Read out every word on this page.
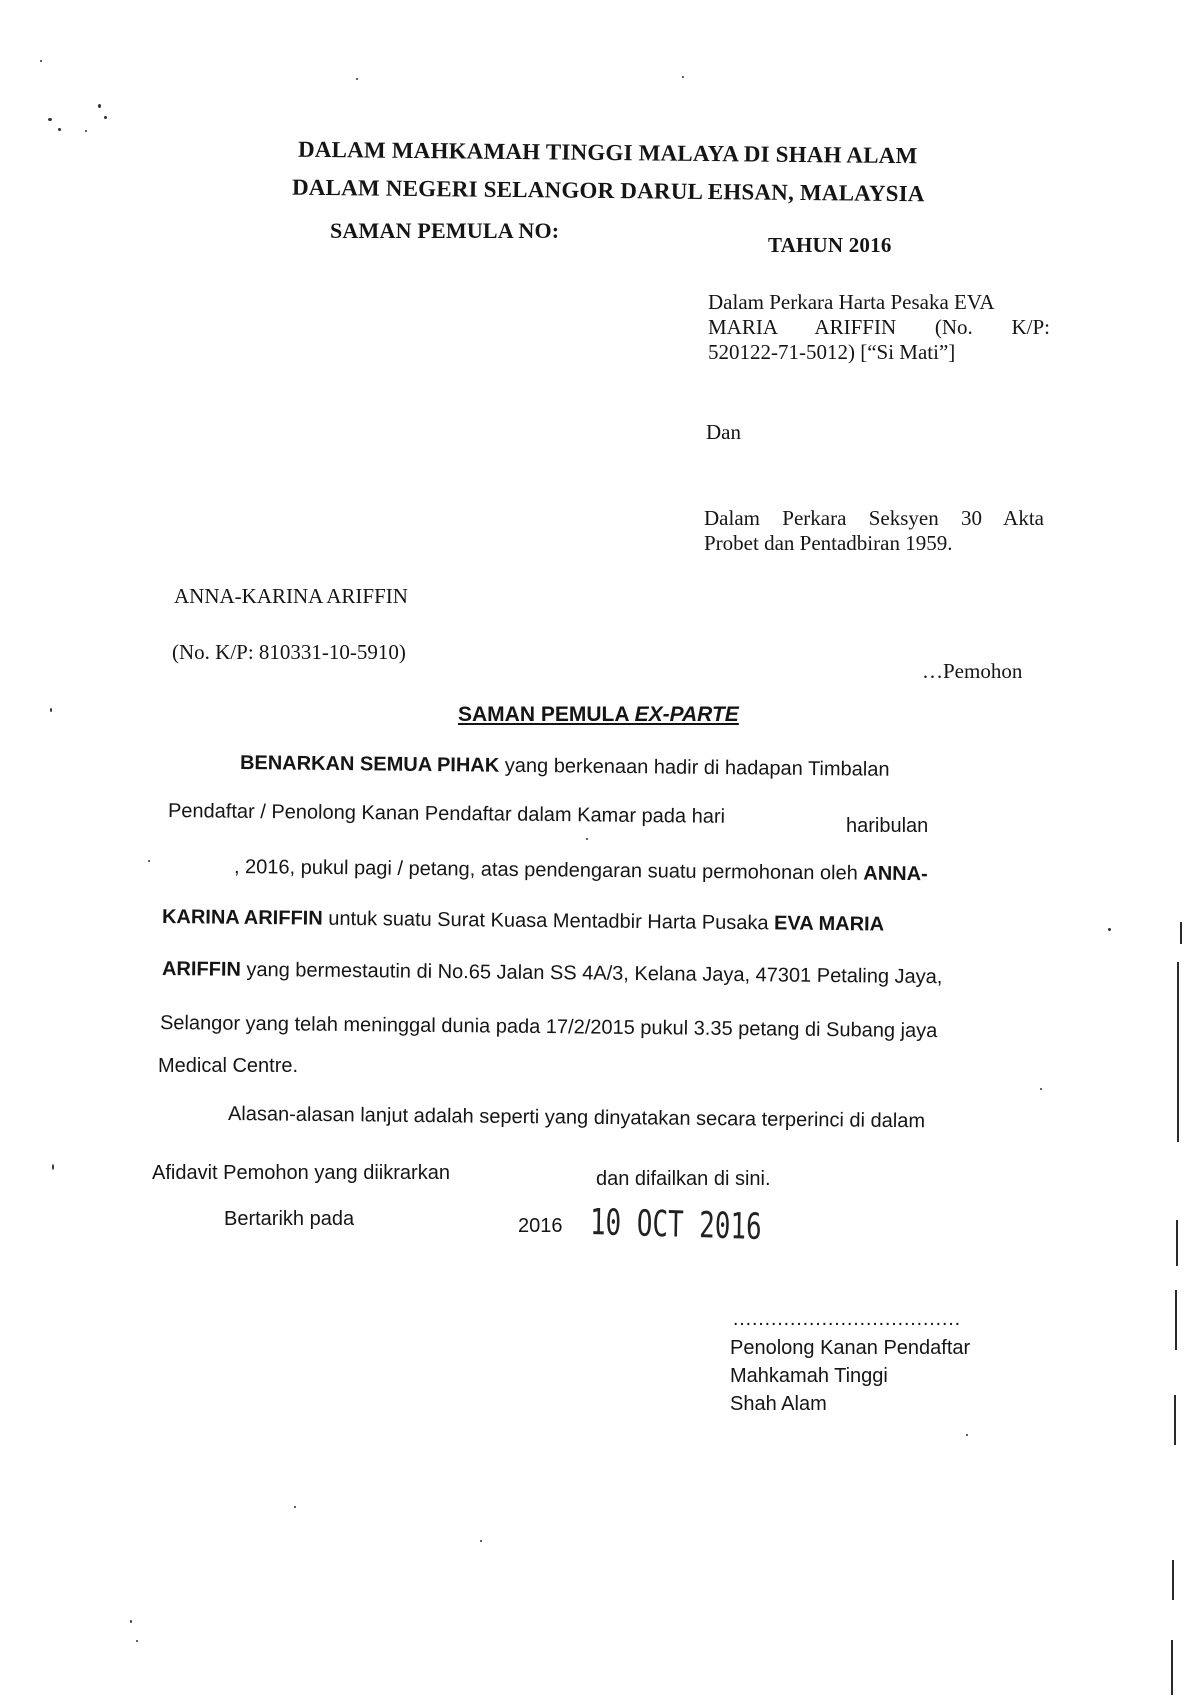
DALAM MAHKAMAH TINGGI MALAYA DI SHAH ALAM
DALAM NEGERI SELANGOR DARUL EHSAN, MALAYSIA
SAMAN PEMULA NO:
TAHUN 2016
Dalam Perkara Harta Pesaka EVA
MARIA ARIFFIN (No. K/P:
520122-71-5012) [“Si Mati”]
Dan
Dalam Perkara Seksyen 30 Akta
Probet dan Pentadbiran 1959.
ANNA-KARINA ARIFFIN
(No. K/P: 810331-10-5910)
…Pemohon
SAMAN PEMULA EX-PARTE
BENARKAN SEMUA PIHAK yang berkenaan hadir di hadapan Timbalan
Pendaftar / Penolong Kanan Pendaftar dalam Kamar pada hari	haribulan
, 2016, pukul pagi / petang, atas pendengaran suatu permohonan oleh ANNA-
KARINA ARIFFIN untuk suatu Surat Kuasa Mentadbir Harta Pusaka EVA MARIA
ARIFFIN yang bermestautin di No.65 Jalan SS 4A/3, Kelana Jaya, 47301 Petaling Jaya,
Selangor yang telah meninggal dunia pada 17/2/2015 pukul 3.35 petang di Subang jaya
Medical Centre.
Alasan-alasan lanjut adalah seperti yang dinyatakan secara terperinci di dalam
Afidavit Pemohon yang diikrarkan	dan difailkan di sini.
Bertarikh pada	2016 10 OCT 2016
………………………………
Penolong Kanan Pendaftar
Mahkamah Tinggi
Shah Alam
